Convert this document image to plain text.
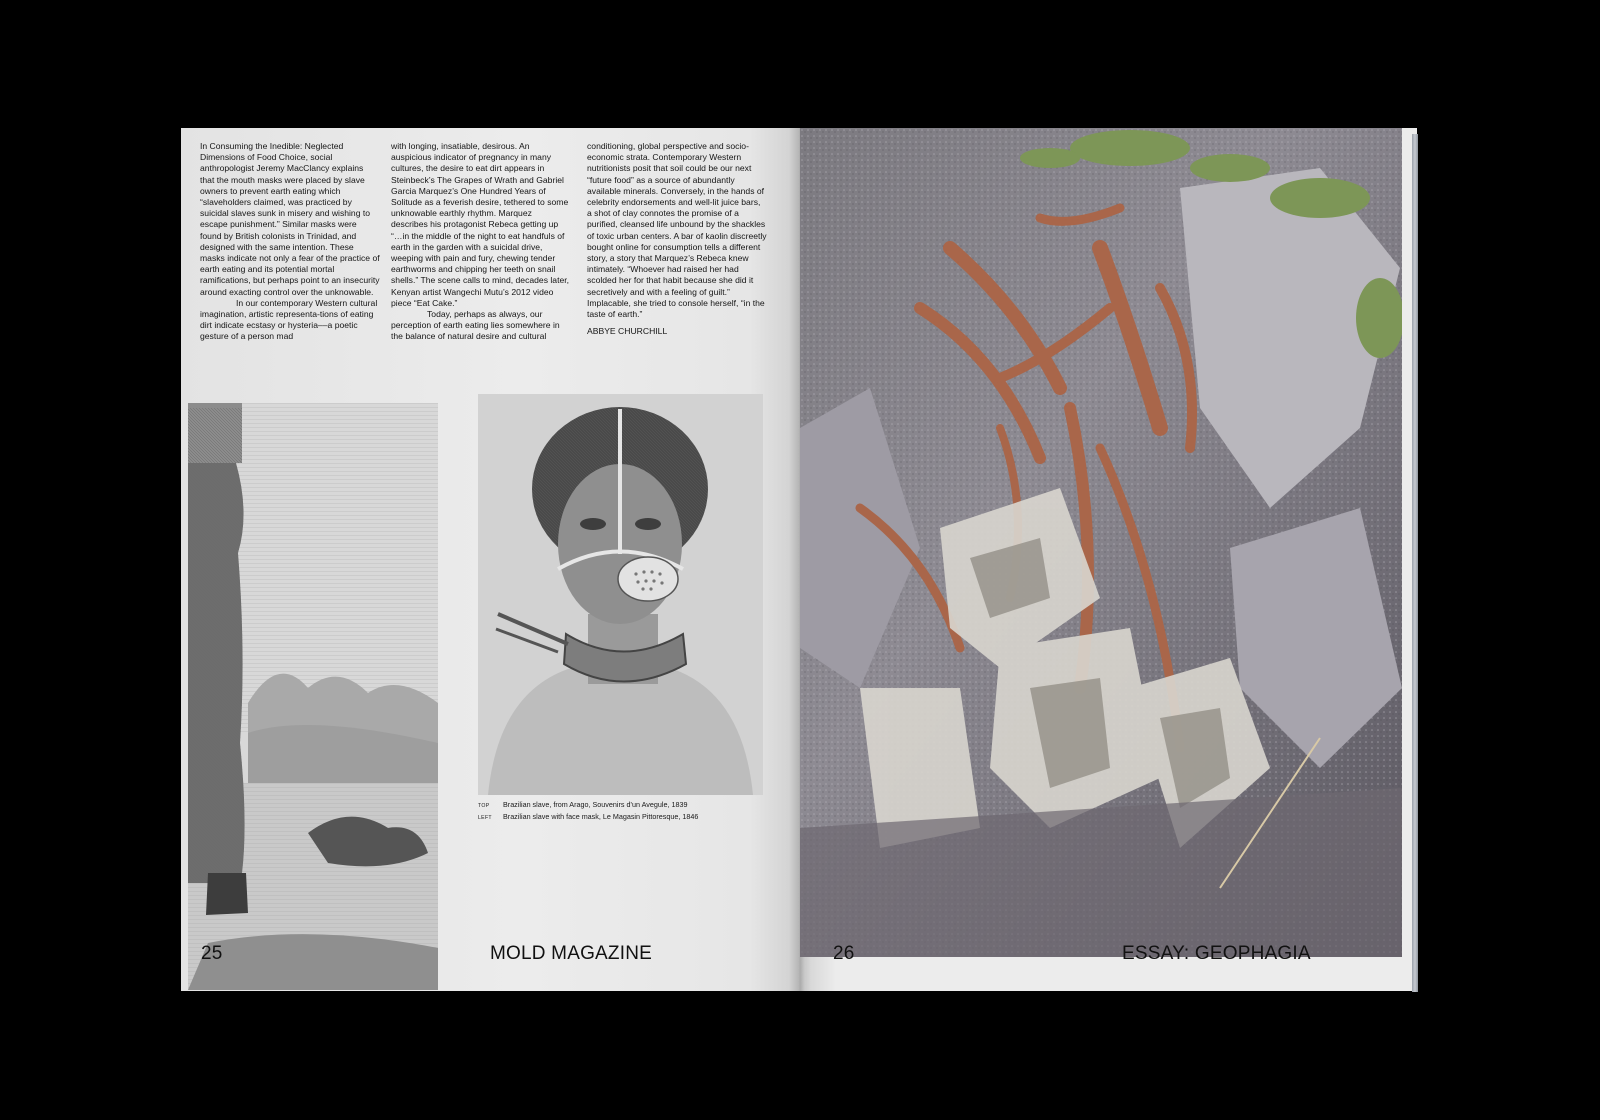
In Consuming the Inedible: Neglected Dimensions of Food Choice, social anthropologist Jeremy MacClancy explains that the mouth masks were placed by slave owners to prevent earth eating which “slaveholders claimed, was practiced by suicidal slaves sunk in misery and wishing to escape punishment.” Similar masks were found by British colonists in Trinidad, and designed with the same intention. These masks indicate not only a fear of the practice of earth eating and its potential mortal ramifications, but perhaps point to an insecurity around exacting control over the unknowable.

In our contemporary Western cultural imagination, artistic representa-tions of eating dirt indicate ecstasy or hysteria––a poetic gesture of a person mad

with longing, insatiable, desirous. An auspicious indicator of pregnancy in many cultures, the desire to eat dirt appears in Steinbeck’s The Grapes of Wrath and Gabriel Garcia Marquez’s One Hundred Years of Solitude as a feverish desire, tethered to some unknowable earthly rhythm. Marquez describes his protagonist Rebeca getting up “…in the middle of the night to eat handfuls of earth in the garden with a suicidal drive, weeping with pain and fury, chewing tender earthworms and chipping her teeth on snail shells.” The scene calls to mind, decades later, Kenyan artist Wangechi Mutu’s 2012 video piece “Eat Cake.”

Today, perhaps as always, our perception of earth eating lies somewhere in the balance of natural desire and cultural

conditioning, global perspective and socio-economic strata. Contemporary Western nutritionists posit that soil could be our next “future food” as a source of abundantly available minerals. Conversely, in the hands of celebrity endorsements and well-lit juice bars, a shot of clay connotes the promise of a purified, cleansed life unbound by the shackles of toxic urban centers. A bar of kaolin discreetly bought online for consumption tells a different story, a story that Marquez’s Rebeca knew intimately. “Whoever had raised her had scolded her for that habit because she did it secretively and with a feeling of guilt.” Implacable, she tried to console herself, “in the taste of earth.”

ABBYE CHURCHILL

TOP	Brazilian slave, from Arago, Souvenirs d’un Avegule, 1839
LEFT	Brazilian slave with face mask, Le Magasin Pittoresque, 1846
25	MOLD MAGAZINE	26	ESSAY: GEOPHAGIA
